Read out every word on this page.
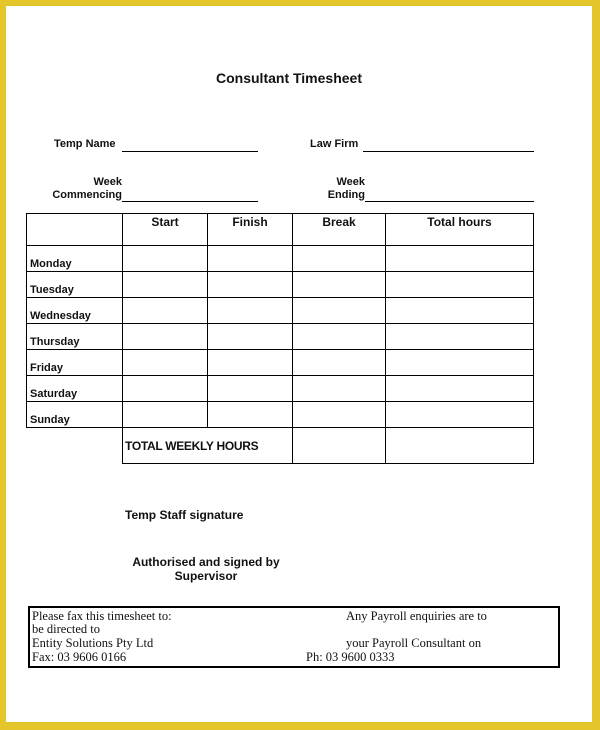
Consultant Timesheet
Temp Name	Law Firm
Week
Commencing
Week
Ending
	Start	Finish	Break	Total hours
Monday				
Tuesday				
Wednesday				
Thursday				
Friday				
Saturday				
Sunday				
	TOTAL WEEKLY HOURS			
Temp Staff signature
Authorised and signed by
Supervisor
Please fax this timesheet to:
be directed to
Entity Solutions Pty Ltd
Fax: 03 9606 0166
Any Payroll enquiries are to
your Payroll Consultant on
Ph: 03 9600 0333
